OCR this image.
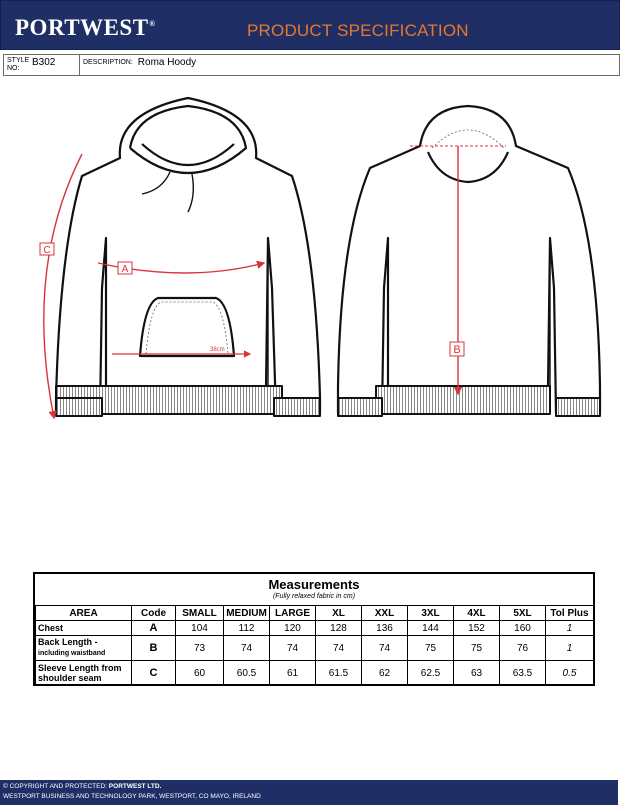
PORTWEST®	PRODUCT SPECIFICATION
STYLE NO:
B302	DESCRIPTION: Roma Hoody
A
38cm
C
B
Measurements
(Fully relaxed fabric in cm)
AREA	Code	SMALL	MEDIUM	LARGE	XL	XXL	3XL	4XL	5XL	Tol Plus
Chest	A	104	112	120	128	136	144	152	160	1
Back Length -
including waistband	B	73	74	74	74	74	75	75	76	1
Sleeve Length from shoulder seam	C	60	60.5	61	61.5	62	62.5	63	63.5	0.5
© COPYRIGHT AND PROTECTED: PORTWEST LTD.
WESTPORT BUSINESS AND TECHNOLOGY PARK, WESTPORT, CO MAYO, IRELAND
